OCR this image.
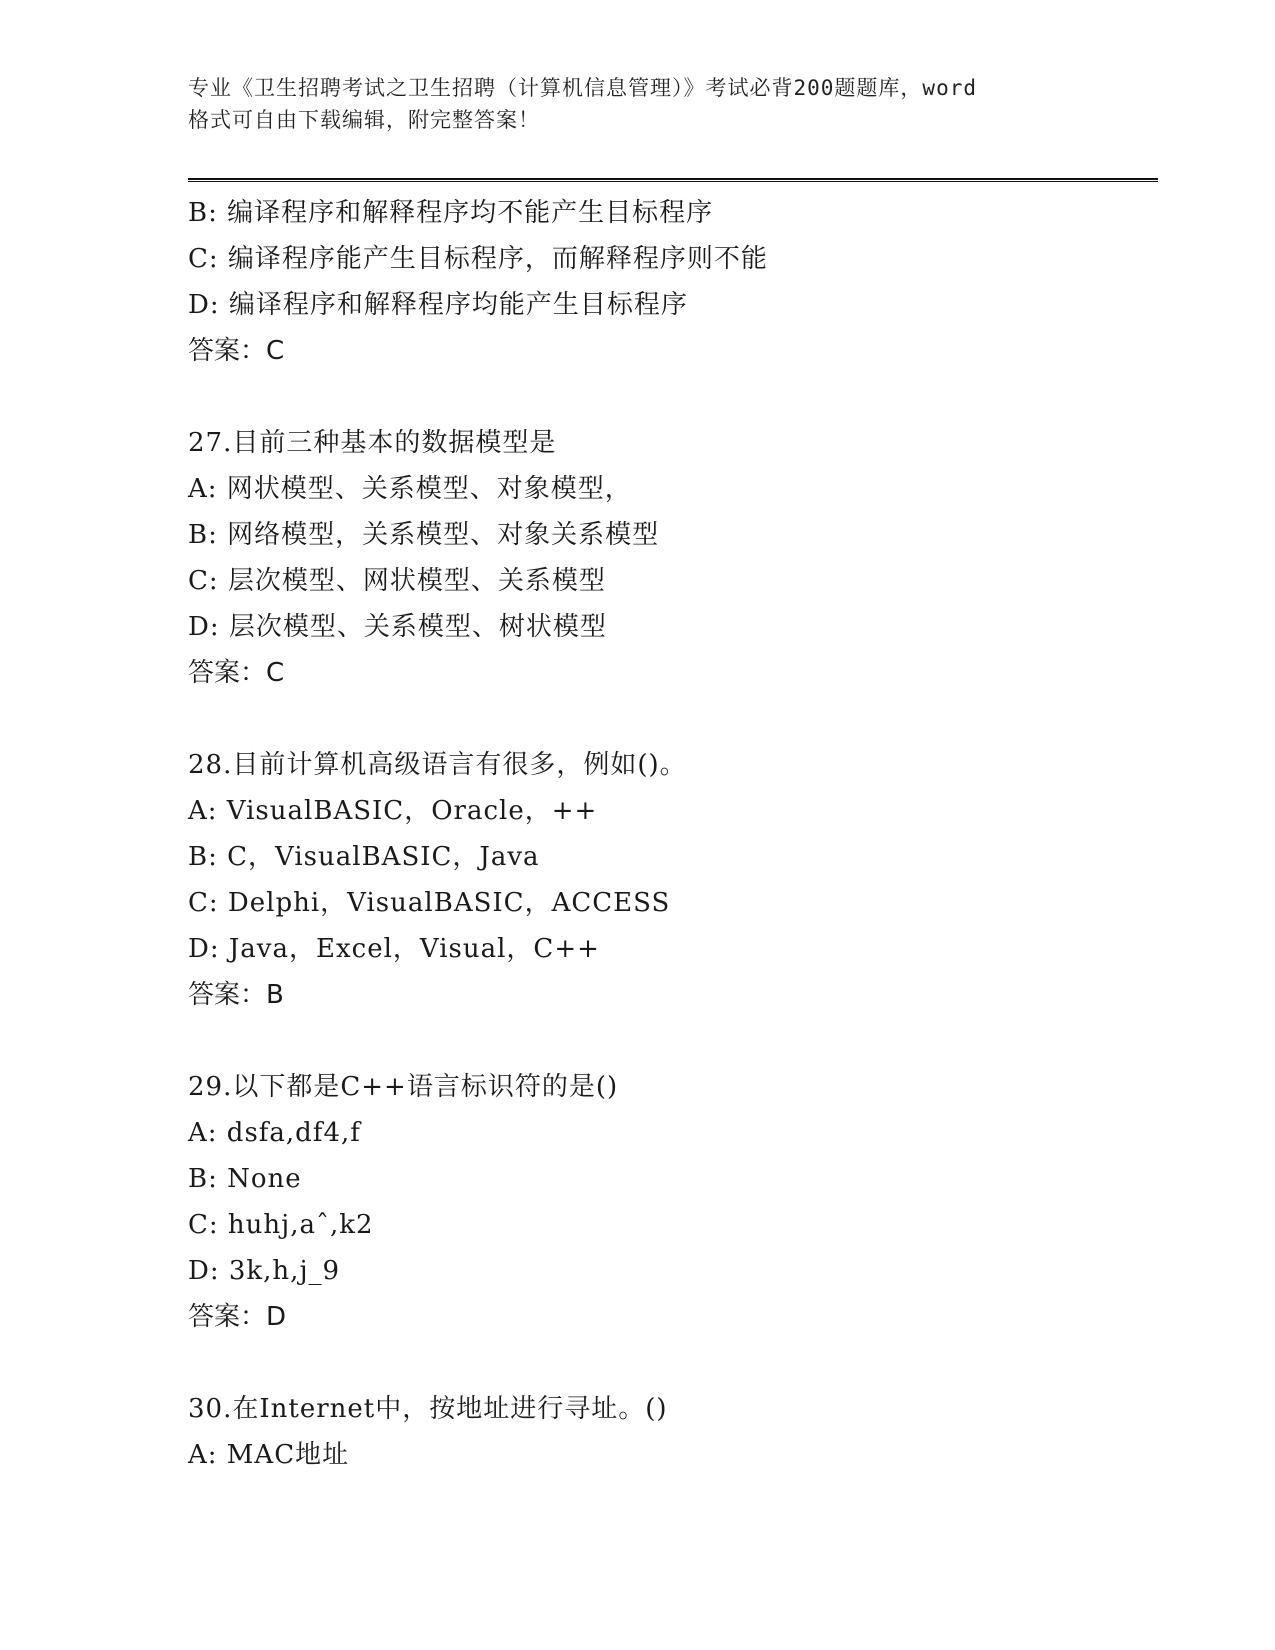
专业《卫生招聘考试之卫生招聘（计算机信息管理）》考试必背200题题库，word
格式可自由下载编辑，附完整答案！
B: 编译程序和解释程序均不能产生目标程序
C: 编译程序能产生目标程序，而解释程序则不能
D: 编译程序和解释程序均能产生目标程序
答案：C
27.目前三种基本的数据模型是
A: 网状模型、关系模型、对象模型，
B: 网络模型，关系模型、对象关系模型
C: 层次模型、网状模型、关系模型
D: 层次模型、关系模型、树状模型
答案：C
28.目前计算机高级语言有很多，例如()。
A: VisualBASIC，Oracle，++
B: C，VisualBASIC，Java
C: Delphi，VisualBASIC，ACCESS
D: Java，Excel，Visual，C++
答案：B
29.以下都是C++语言标识符的是()
A: dsfa,df4,f
B: None
C: huhj,aˆ,k2
D: 3k,h,j_9
答案：D
30.在Internet中，按地址进行寻址。()
A: MAC地址
